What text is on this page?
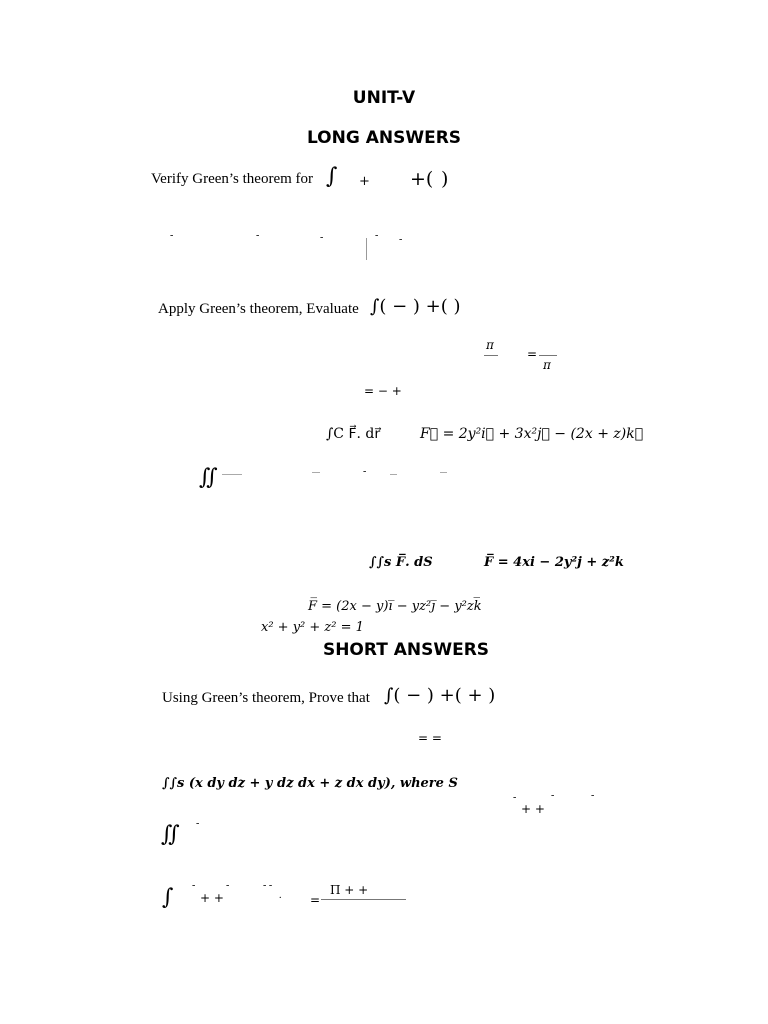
UNIT-V
LONG ANSWERS
Verify Green’s theorem for ∫ + +( )
-	-	-	- -
Apply Green’s theorem, Evaluate ∫( − ) +( )
π
=
π
= − +
∫C F⃗. dr⃗	F⃗ = 2y²i⃗ + 3x²j⃗ − (2x + z)k⃗
∬	-
∫∫s F̅. dS	F̅ = 4xi − 2y²j + z²k
F̅ = (2x − y)i̅ − yz²j̅ − y²zk̅
x² + y² + z² = 1
SHORT ANSWERS
Using Green’s theorem, Prove that ∫( − ) +( + )
= =
∫∫s (x dy dz + y dz dx + z dx dy), where S
-	-	-
+ +
∬ -
∫ -	-	- -
+ +	. =
Π + +
